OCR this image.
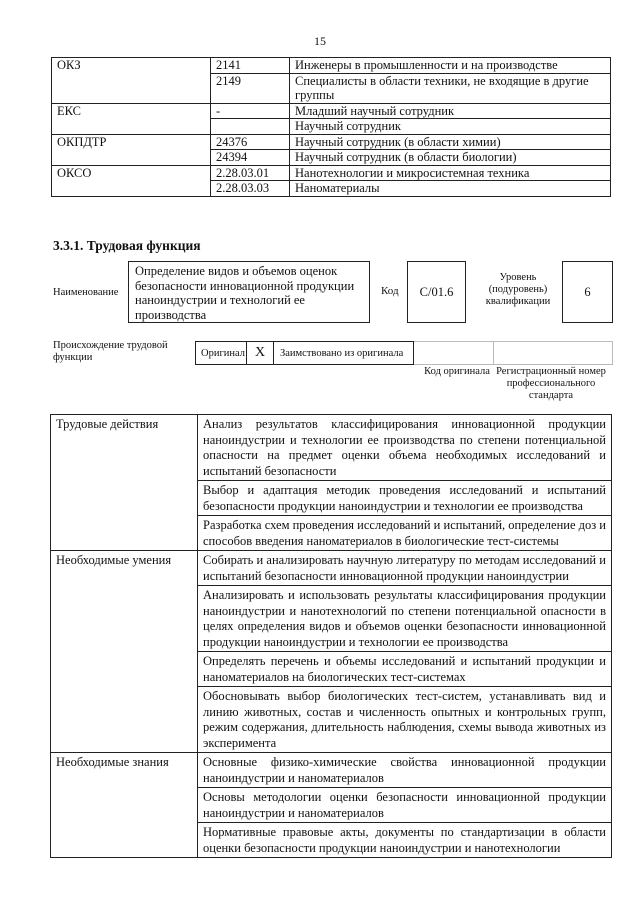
15
ОКЗ	2141	Инженеры в промышленности и на производстве
	2149	Специалисты в области техники, не входящие в другие группы
ЕКС	-	Младший научный сотрудник
		Научный сотрудник
ОКПДТР	24376	Научный сотрудник (в области химии)
	24394	Научный сотрудник (в области биологии)
ОКСО	2.28.03.01	Нанотехнологии и микросистемная техника
	2.28.03.03	Наноматериалы
3.3.1. Трудовая функция
Наименование
Определение видов и объемов оценок безопасности инновационной продукции наноиндустрии и технологий ее производства
Код	C/01.6
Уровень (подуровень) квалификации
6
Происхождение трудовой функции	Оригинал X	Заимствовано из оригинала
Код оригинала Регистрационный номер профессионального стандарта
Трудовые действия	Анализ результатов классифицирования инновационной продукции наноиндустрии и технологии ее производства по степени потенциальной опасности на предмет оценки объема необходимых исследований и испытаний безопасности
	Выбор и адаптация методик проведения исследований и испытаний безопасности продукции наноиндустрии и технологии ее производства
	Разработка схем проведения исследований и испытаний, определение доз и способов введения наноматериалов в биологические тест-системы
Необходимые умения	Собирать и анализировать научную литературу по методам исследований и испытаний безопасности инновационной продукции наноиндустрии
	Анализировать и использовать результаты классифицирования продукции наноиндустрии и нанотехнологий по степени потенциальной опасности в целях определения видов и объемов оценки безопасности инновационной продукции наноиндустрии и технологии ее производства
	Определять перечень и объемы исследований и испытаний продукции и наноматериалов на биологических тест-системах
	Обосновывать выбор биологических тест-систем, устанавливать вид и линию животных, состав и численность опытных и контрольных групп, режим содержания, длительность наблюдения, схемы вывода животных из эксперимента
Необходимые знания	Основные физико-химические свойства инновационной продукции наноиндустрии и наноматериалов
	Основы методологии оценки безопасности инновационной продукции наноиндустрии и наноматериалов
	Нормативные правовые акты, документы по стандартизации в области оценки безопасности продукции наноиндустрии и нанотехнологии
